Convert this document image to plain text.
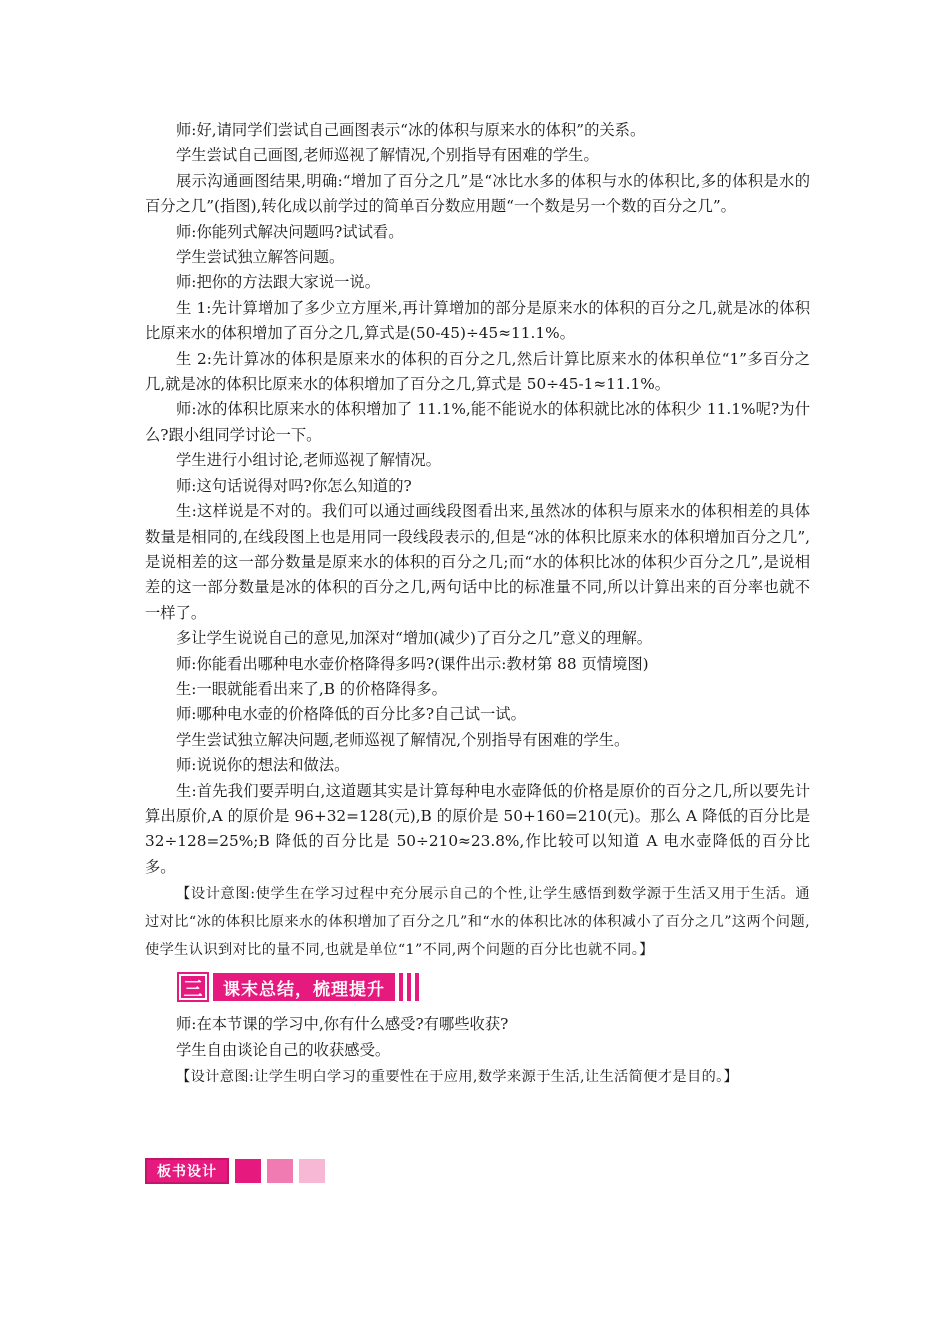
师:好,请同学们尝试自己画图表示“冰的体积与原来水的体积”的关系。

学生尝试自己画图,老师巡视了解情况,个别指导有困难的学生。

展示沟通画图结果,明确:“增加了百分之几”是“冰比水多的体积与水的体积比,多的体积是水的百分之几”(指图),转化成以前学过的简单百分数应用题“一个数是另一个数的百分之几”。

师:你能列式解决问题吗?试试看。

学生尝试独立解答问题。

师:把你的方法跟大家说一说。

生 1:先计算增加了多少立方厘米,再计算增加的部分是原来水的体积的百分之几,就是冰的体积比原来水的体积增加了百分之几,算式是(50-45)÷45≈11.1%。

生 2:先计算冰的体积是原来水的体积的百分之几,然后计算比原来水的体积单位“1”多百分之几,就是冰的体积比原来水的体积增加了百分之几,算式是 50÷45-1≈11.1%。

师:冰的体积比原来水的体积增加了 11.1%,能不能说水的体积就比冰的体积少 11.1%呢?为什么?跟小组同学讨论一下。

学生进行小组讨论,老师巡视了解情况。

师:这句话说得对吗?你怎么知道的?

生:这样说是不对的。我们可以通过画线段图看出来,虽然冰的体积与原来水的体积相差的具体数量是相同的,在线段图上也是用同一段线段表示的,但是“冰的体积比原来水的体积增加百分之几”,是说相差的这一部分数量是原来水的体积的百分之几;而“水的体积比冰的体积少百分之几”,是说相差的这一部分数量是冰的体积的百分之几,两句话中比的标准量不同,所以计算出来的百分率也就不一样了。

多让学生说说自己的意见,加深对“增加(减少)了百分之几”意义的理解。

师:你能看出哪种电水壶价格降得多吗?(课件出示:教材第 88 页情境图)

生:一眼就能看出来了,B 的价格降得多。

师:哪种电水壶的价格降低的百分比多?自己试一试。

学生尝试独立解决问题,老师巡视了解情况,个别指导有困难的学生。

师:说说你的想法和做法。

生:首先我们要弄明白,这道题其实是计算每种电水壶降低的价格是原价的百分之几,所以要先计算出原价,A 的原价是 96+32=128(元),B 的原价是 50+160=210(元)。那么 A 降低的百分比是 32÷128=25%;B 降低的百分比是 50÷210≈23.8%,作比较可以知道 A 电水壶降低的百分比多。

【设计意图:使学生在学习过程中充分展示自己的个性,让学生感悟到数学源于生活又用于生活。通过对比“冰的体积比原来水的体积增加了百分之几”和“水的体积比冰的体积减小了百分之几”这两个问题,使学生认识到对比的量不同,也就是单位“1”不同,两个问题的百分比也就不同。】

三	课末总结，梳理提升

师:在本节课的学习中,你有什么感受?有哪些收获?

学生自由谈论自己的收获感受。

【设计意图:让学生明白学习的重要性在于应用,数学来源于生活,让生活简便才是目的。】

板书设计
